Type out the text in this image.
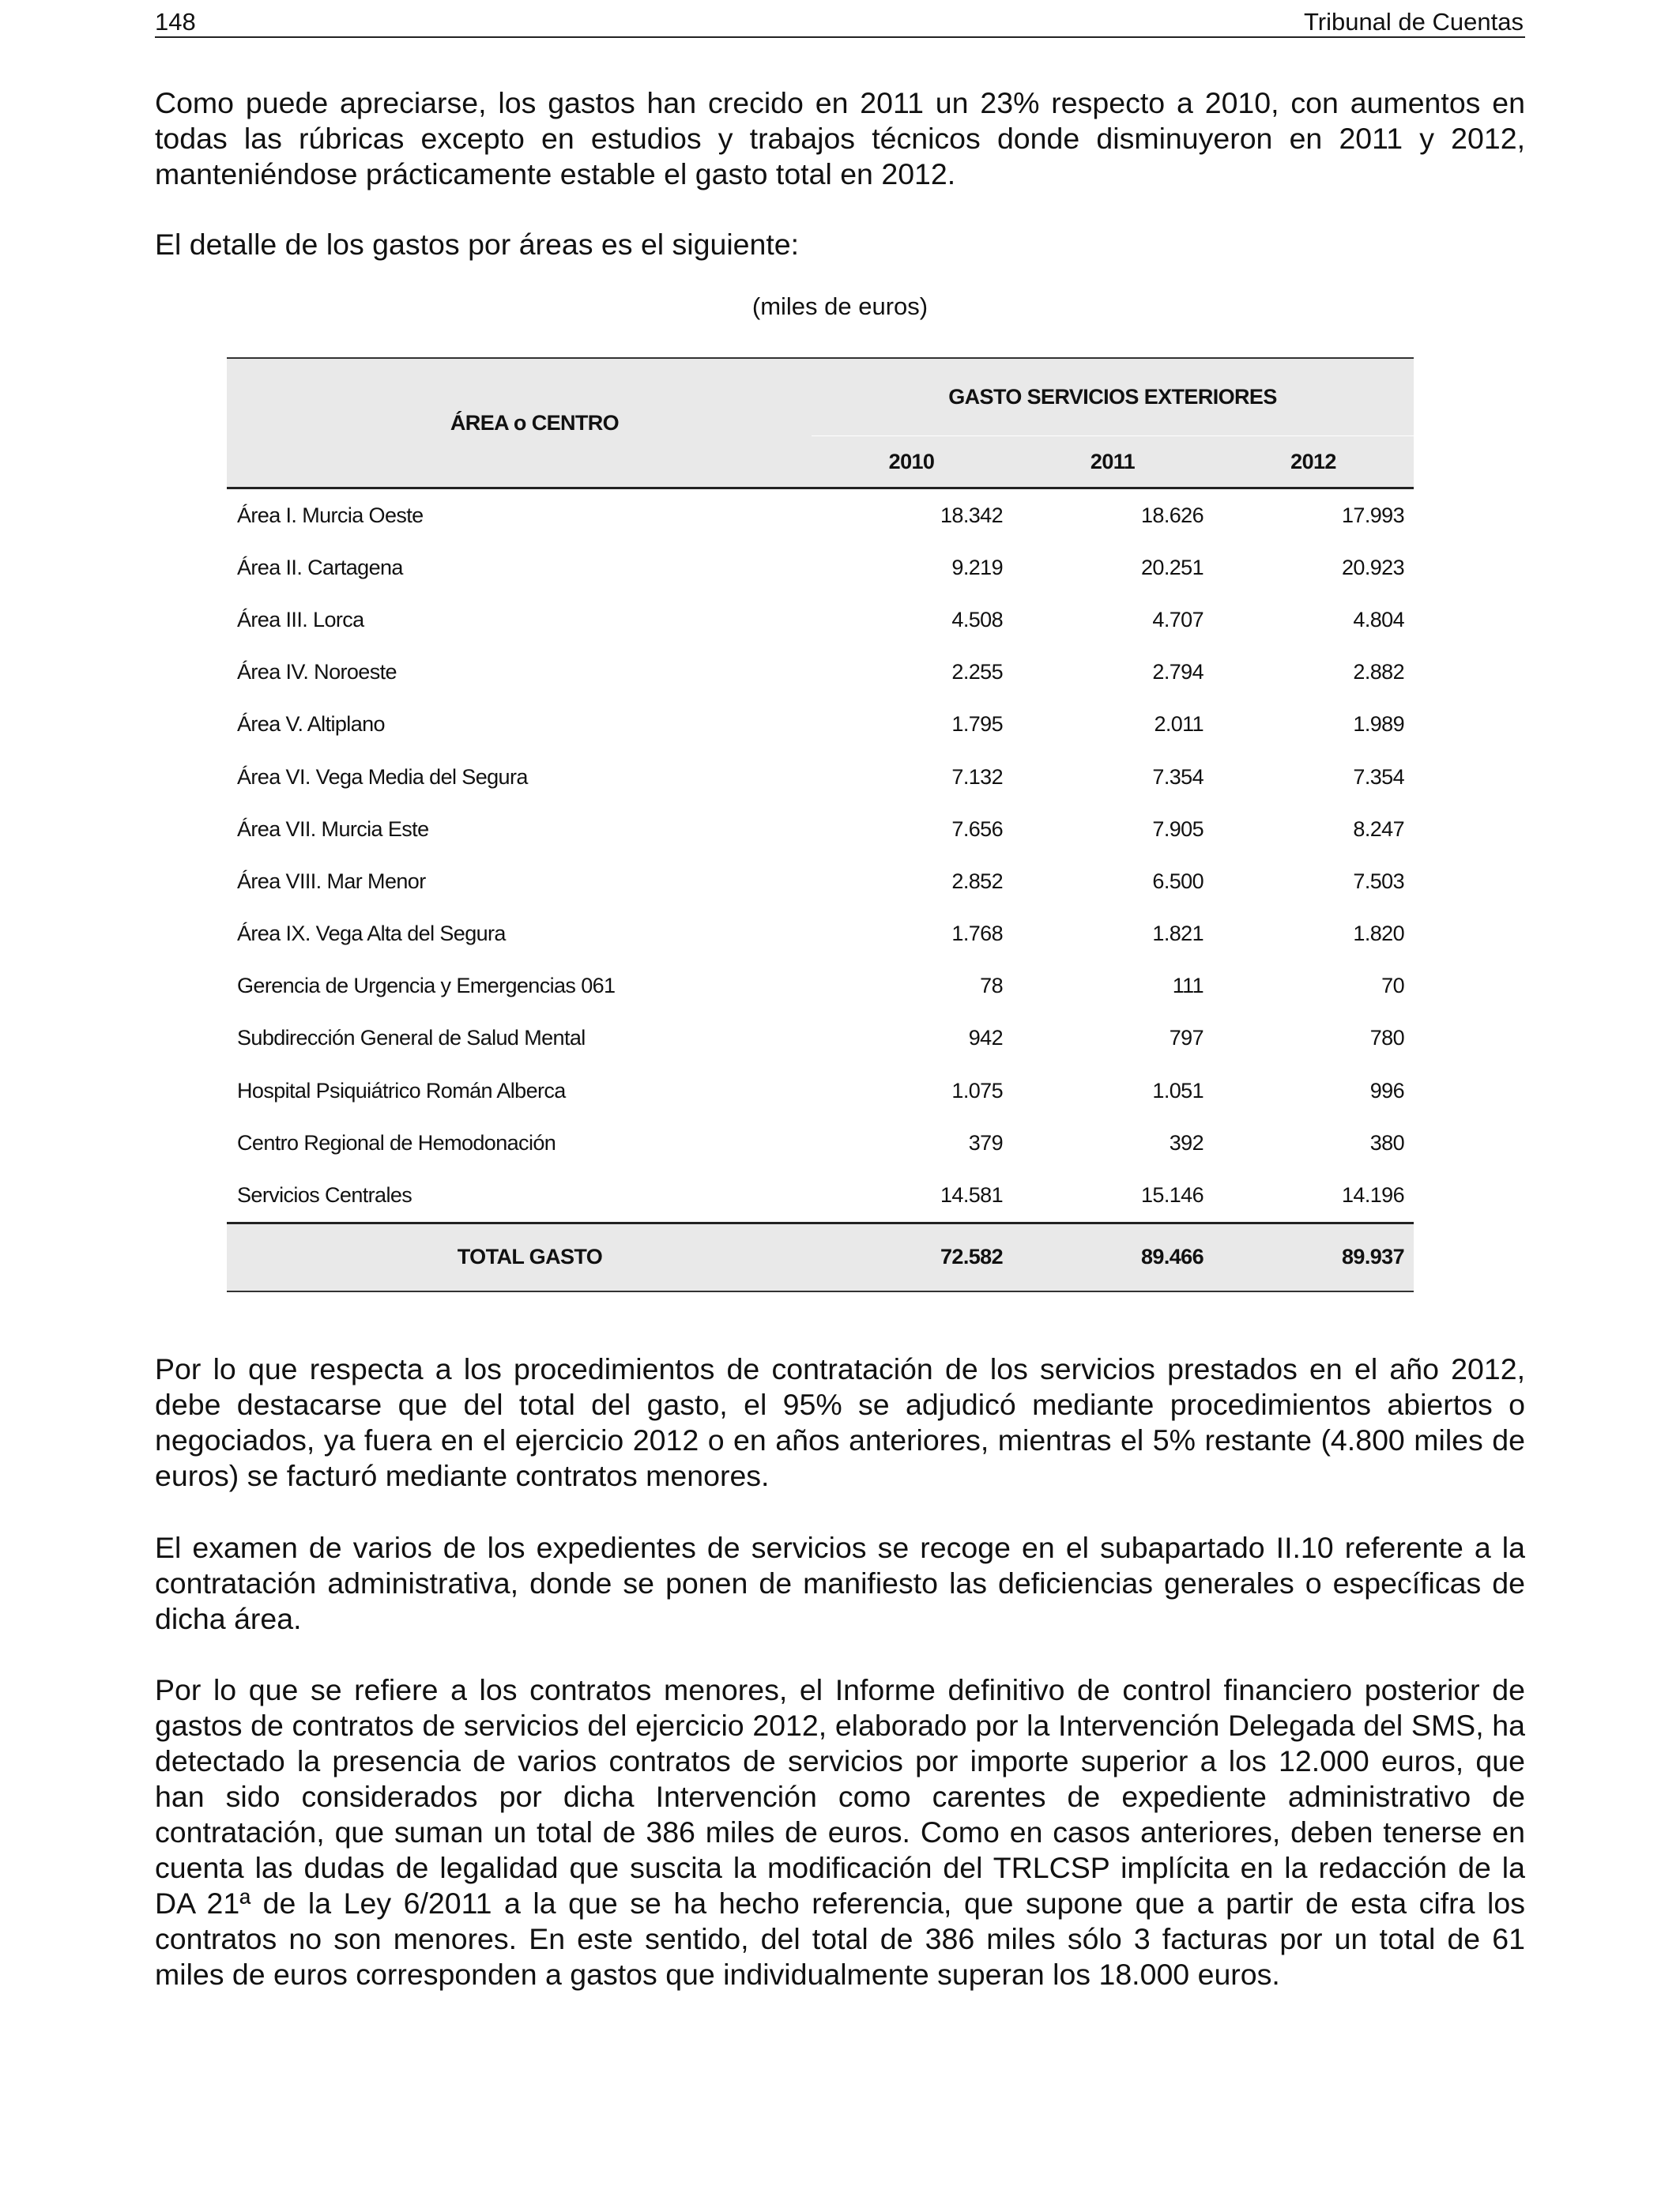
148	Tribunal de Cuentas

Como puede apreciarse, los gastos han crecido en 2011 un 23% respecto a 2010, con aumentos en todas las rúbricas excepto en estudios y trabajos técnicos donde disminuyeron en 2011 y 2012, manteniéndose prácticamente estable el gasto total en 2012.

El detalle de los gastos por áreas es el siguiente:

(miles de euros)
ÁREA o CENTRO	GASTO SERVICIOS EXTERIORES		
	2010	2011	2012
Área I. Murcia Oeste	18.342	18.626	17.993
Área II. Cartagena	9.219	20.251	20.923
Área III. Lorca	4.508	4.707	4.804
Área IV. Noroeste	2.255	2.794	2.882
Área V. Altiplano	1.795	2.011	1.989
Área VI. Vega Media del Segura	7.132	7.354	7.354
Área VII. Murcia Este	7.656	7.905	8.247
Área VIII. Mar Menor	2.852	6.500	7.503
Área IX. Vega Alta del Segura	1.768	1.821	1.820
Gerencia de Urgencia y Emergencias 061	78	111	70
Subdirección General de Salud Mental	942	797	780
Hospital Psiquiátrico Román Alberca	1.075	1.051	996
Centro Regional de Hemodonación	379	392	380
Servicios Centrales	14.581	15.146	14.196
TOTAL GASTO	72.582	89.466	89.937

Por lo que respecta a los procedimientos de contratación de los servicios prestados en el año 2012, debe destacarse que del total del gasto, el 95% se adjudicó mediante procedimientos abiertos o negociados, ya fuera en el ejercicio 2012 o en años anteriores, mientras el 5% restante (4.800 miles de euros) se facturó mediante contratos menores.

El examen de varios de los expedientes de servicios se recoge en el subapartado II.10 referente a la contratación administrativa, donde se ponen de manifiesto las deficiencias generales o específicas de dicha área.

Por lo que se refiere a los contratos menores, el Informe definitivo de control financiero posterior de gastos de contratos de servicios del ejercicio 2012, elaborado por la Intervención Delegada del SMS, ha detectado la presencia de varios contratos de servicios por importe superior a los 12.000 euros, que han sido considerados por dicha Intervención como carentes de expediente administrativo de contratación, que suman un total de 386 miles de euros. Como en casos anteriores, deben tenerse en cuenta las dudas de legalidad que suscita la modificación del TRLCSP implícita en la redacción de la DA 21ª de la Ley 6/2011 a la que se ha hecho referencia, que supone que a partir de esta cifra los contratos no son menores. En este sentido, del total de 386 miles sólo 3 facturas por un total de 61 miles de euros corresponden a gastos que individualmente superan los 18.000 euros.
